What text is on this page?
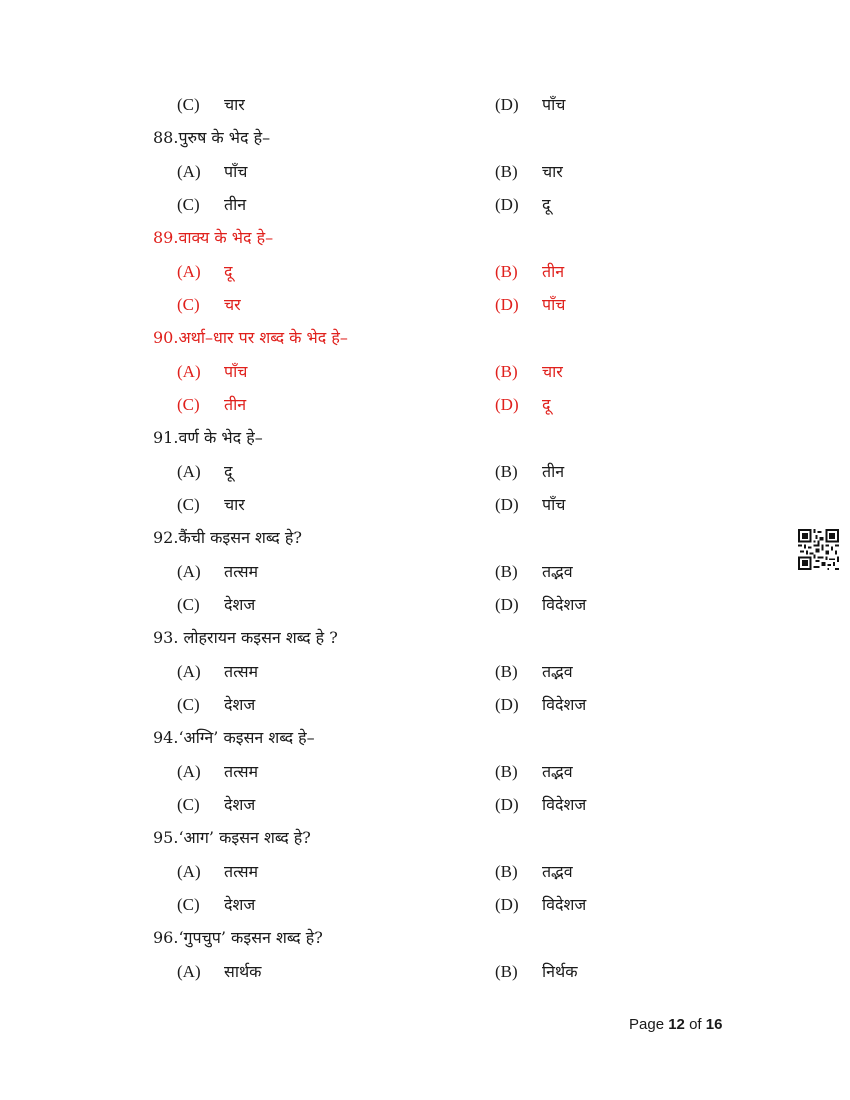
(C) चार	(D) पाँच
88.पुरुष के भेद हे–
(A) पाँच	(B) चार
(C) तीन	(D) दू
89.वाक्य के भेद हे–
(A) दू	(B) तीन
(C) चर	(D) पाँच
90.अर्था–धार पर शब्द के भेद हे–
(A) पाँच	(B) चार
(C) तीन	(D) दू
91.वर्ण के भेद हे–
(A) दू	(B) तीन
(C) चार	(D) पाँच
92.कैंची कइसन शब्द हे?
(A) तत्सम	(B) तद्भव
(C) देशज	(D) विदेशज
93. लोहरायन कइसन शब्द हे ?
(A) तत्सम	(B) तद्भव
(C) देशज	(D) विदेशज
94.‘अग्नि’ कइसन शब्द हे–
(A) तत्सम	(B) तद्भव
(C) देशज	(D) विदेशज
95.‘आग’ कइसन शब्द हे?
(A) तत्सम	(B) तद्भव
(C) देशज	(D) विदेशज
96.‘गुपचुप’ कइसन शब्द हे?
(A) सार्थक	(B) निर्थक
Page 12 of 16
